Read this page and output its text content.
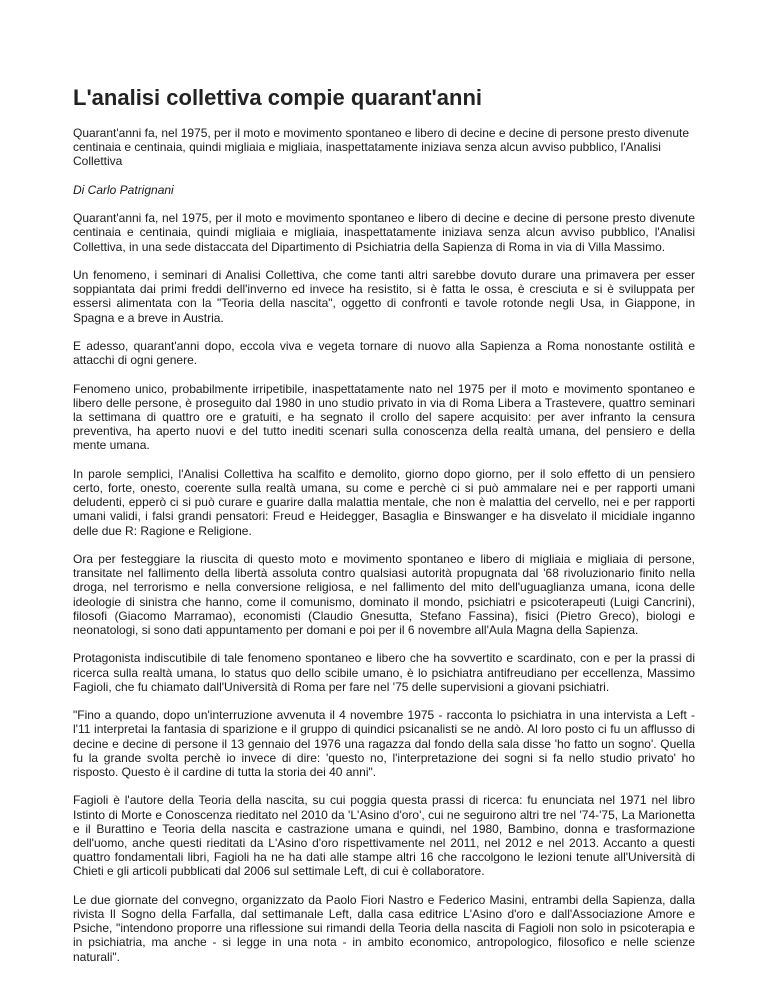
L'analisi collettiva compie quarant'anni

Quarant'anni fa, nel 1975, per il moto e movimento spontaneo e libero di decine e decine di persone presto divenute centinaia e centinaia, quindi migliaia e migliaia, inaspettatamente iniziava senza alcun avviso pubblico, l'Analisi Collettiva

Di Carlo Patrignani

Quarant'anni fa, nel 1975, per il moto e movimento spontaneo e libero di decine e decine di persone presto divenute centinaia e centinaia, quindi migliaia e migliaia, inaspettatamente iniziava senza alcun avviso pubblico, l'Analisi Collettiva, in una sede distaccata del Dipartimento di Psichiatria della Sapienza di Roma in via di Villa Massimo.

Un fenomeno, i seminari di Analisi Collettiva, che come tanti altri sarebbe dovuto durare una primavera per esser soppiantata dai primi freddi dell'inverno ed invece ha resistito, si è fatta le ossa, è cresciuta e si è sviluppata per essersi alimentata con la "Teoria della nascita", oggetto di confronti e tavole rotonde negli Usa, in Giappone, in Spagna e a breve in Austria.

E adesso, quarant'anni dopo, eccola viva e vegeta tornare di nuovo alla Sapienza a Roma nonostante ostilità e attacchi di ogni genere.

Fenomeno unico, probabilmente irripetibile, inaspettatamente nato nel 1975 per il moto e movimento spontaneo e libero delle persone, è proseguito dal 1980 in uno studio privato in via di Roma Libera a Trastevere, quattro seminari la settimana di quattro ore e gratuiti, e ha segnato il crollo del sapere acquisito: per aver infranto la censura preventiva, ha aperto nuovi e del tutto inediti scenari sulla conoscenza della realtà umana, del pensiero e della mente umana.

In parole semplici, l'Analisi Collettiva ha scalfito e demolito, giorno dopo giorno, per il solo effetto di un pensiero certo, forte, onesto, coerente sulla realtà umana, su come e perchè ci si può ammalare nei e per rapporti umani deludenti, epperò ci si può curare e guarire dalla malattia mentale, che non è malattia del cervello, nei e per rapporti umani validi, i falsi grandi pensatori: Freud e Heidegger, Basaglia e Binswanger e ha disvelato il micidiale inganno delle due R: Ragione e Religione.

Ora per festeggiare la riuscita di questo moto e movimento spontaneo e libero di migliaia e migliaia di persone, transitate nel fallimento della libertà assoluta contro qualsiasi autorità propugnata dal '68 rivoluzionario finito nella droga, nel terrorismo e nella conversione religiosa, e nel fallimento del mito dell'uguaglianza umana, icona delle ideologie di sinistra che hanno, come il comunismo, dominato il mondo, psichiatri e psicoterapeuti (Luigi Cancrini), filosofi (Giacomo Marramao), economisti (Claudio Gnesutta, Stefano Fassina), fisici (Pietro Greco), biologi e neonatologi, si sono dati appuntamento per domani e poi per il 6 novembre all'Aula Magna della Sapienza.

Protagonista indiscutibile di tale fenomeno spontaneo e libero che ha sovvertito e scardinato, con e per la prassi di ricerca sulla realtà umana, lo status quo dello scibile umano, è lo psichiatra antifreudiano per eccellenza, Massimo Fagioli, che fu chiamato dall'Università di Roma per fare nel '75 delle supervisioni a giovani psichiatri.

"Fino a quando, dopo un'interruzione avvenuta il 4 novembre 1975 - racconta lo psichiatra in una intervista a Left - l'11 interpretai la fantasia di sparizione e il gruppo di quindici psicanalisti se ne andò. Al loro posto ci fu un afflusso di decine e decine di persone il 13 gennaio del 1976 una ragazza dal fondo della sala disse 'ho fatto un sogno'. Quella fu la grande svolta perchè io invece di dire: 'questo no, l'interpretazione dei sogni si fa nello studio privato' ho risposto. Questo è il cardine di tutta la storia dei 40 anni".

Fagioli è l'autore della Teoria della nascita, su cui poggia questa prassi di ricerca: fu enunciata nel 1971 nel libro Istinto di Morte e Conoscenza rieditato nel 2010 da 'L'Asino d'oro', cui ne seguirono altri tre nel '74-'75, La Marionetta e il Burattino e Teoria della nascita e castrazione umana e quindi, nel 1980, Bambino, donna e trasformazione dell'uomo, anche questi rieditati da L'Asino d'oro rispettivamente nel 2011, nel 2012 e nel 2013. Accanto a questi quattro fondamentali libri, Fagioli ha ne ha dati alle stampe altri 16 che raccolgono le lezioni tenute all'Università di Chieti e gli articoli pubblicati dal 2006 sul settimale Left, di cui è collaboratore.

Le due giornate del convegno, organizzato da Paolo Fiori Nastro e Federico Masini, entrambi della Sapienza, dalla rivista Il Sogno della Farfalla, dal settimanale Left, dalla casa editrice L'Asino d'oro e dall'Associazione Amore e Psiche, "intendono proporre una riflessione sui rimandi della Teoria della nascita di Fagioli non solo in psicoterapia e in psichiatria, ma anche - si legge in una nota - in ambito economico, antropologico, filosofico e nelle scienze naturali".
